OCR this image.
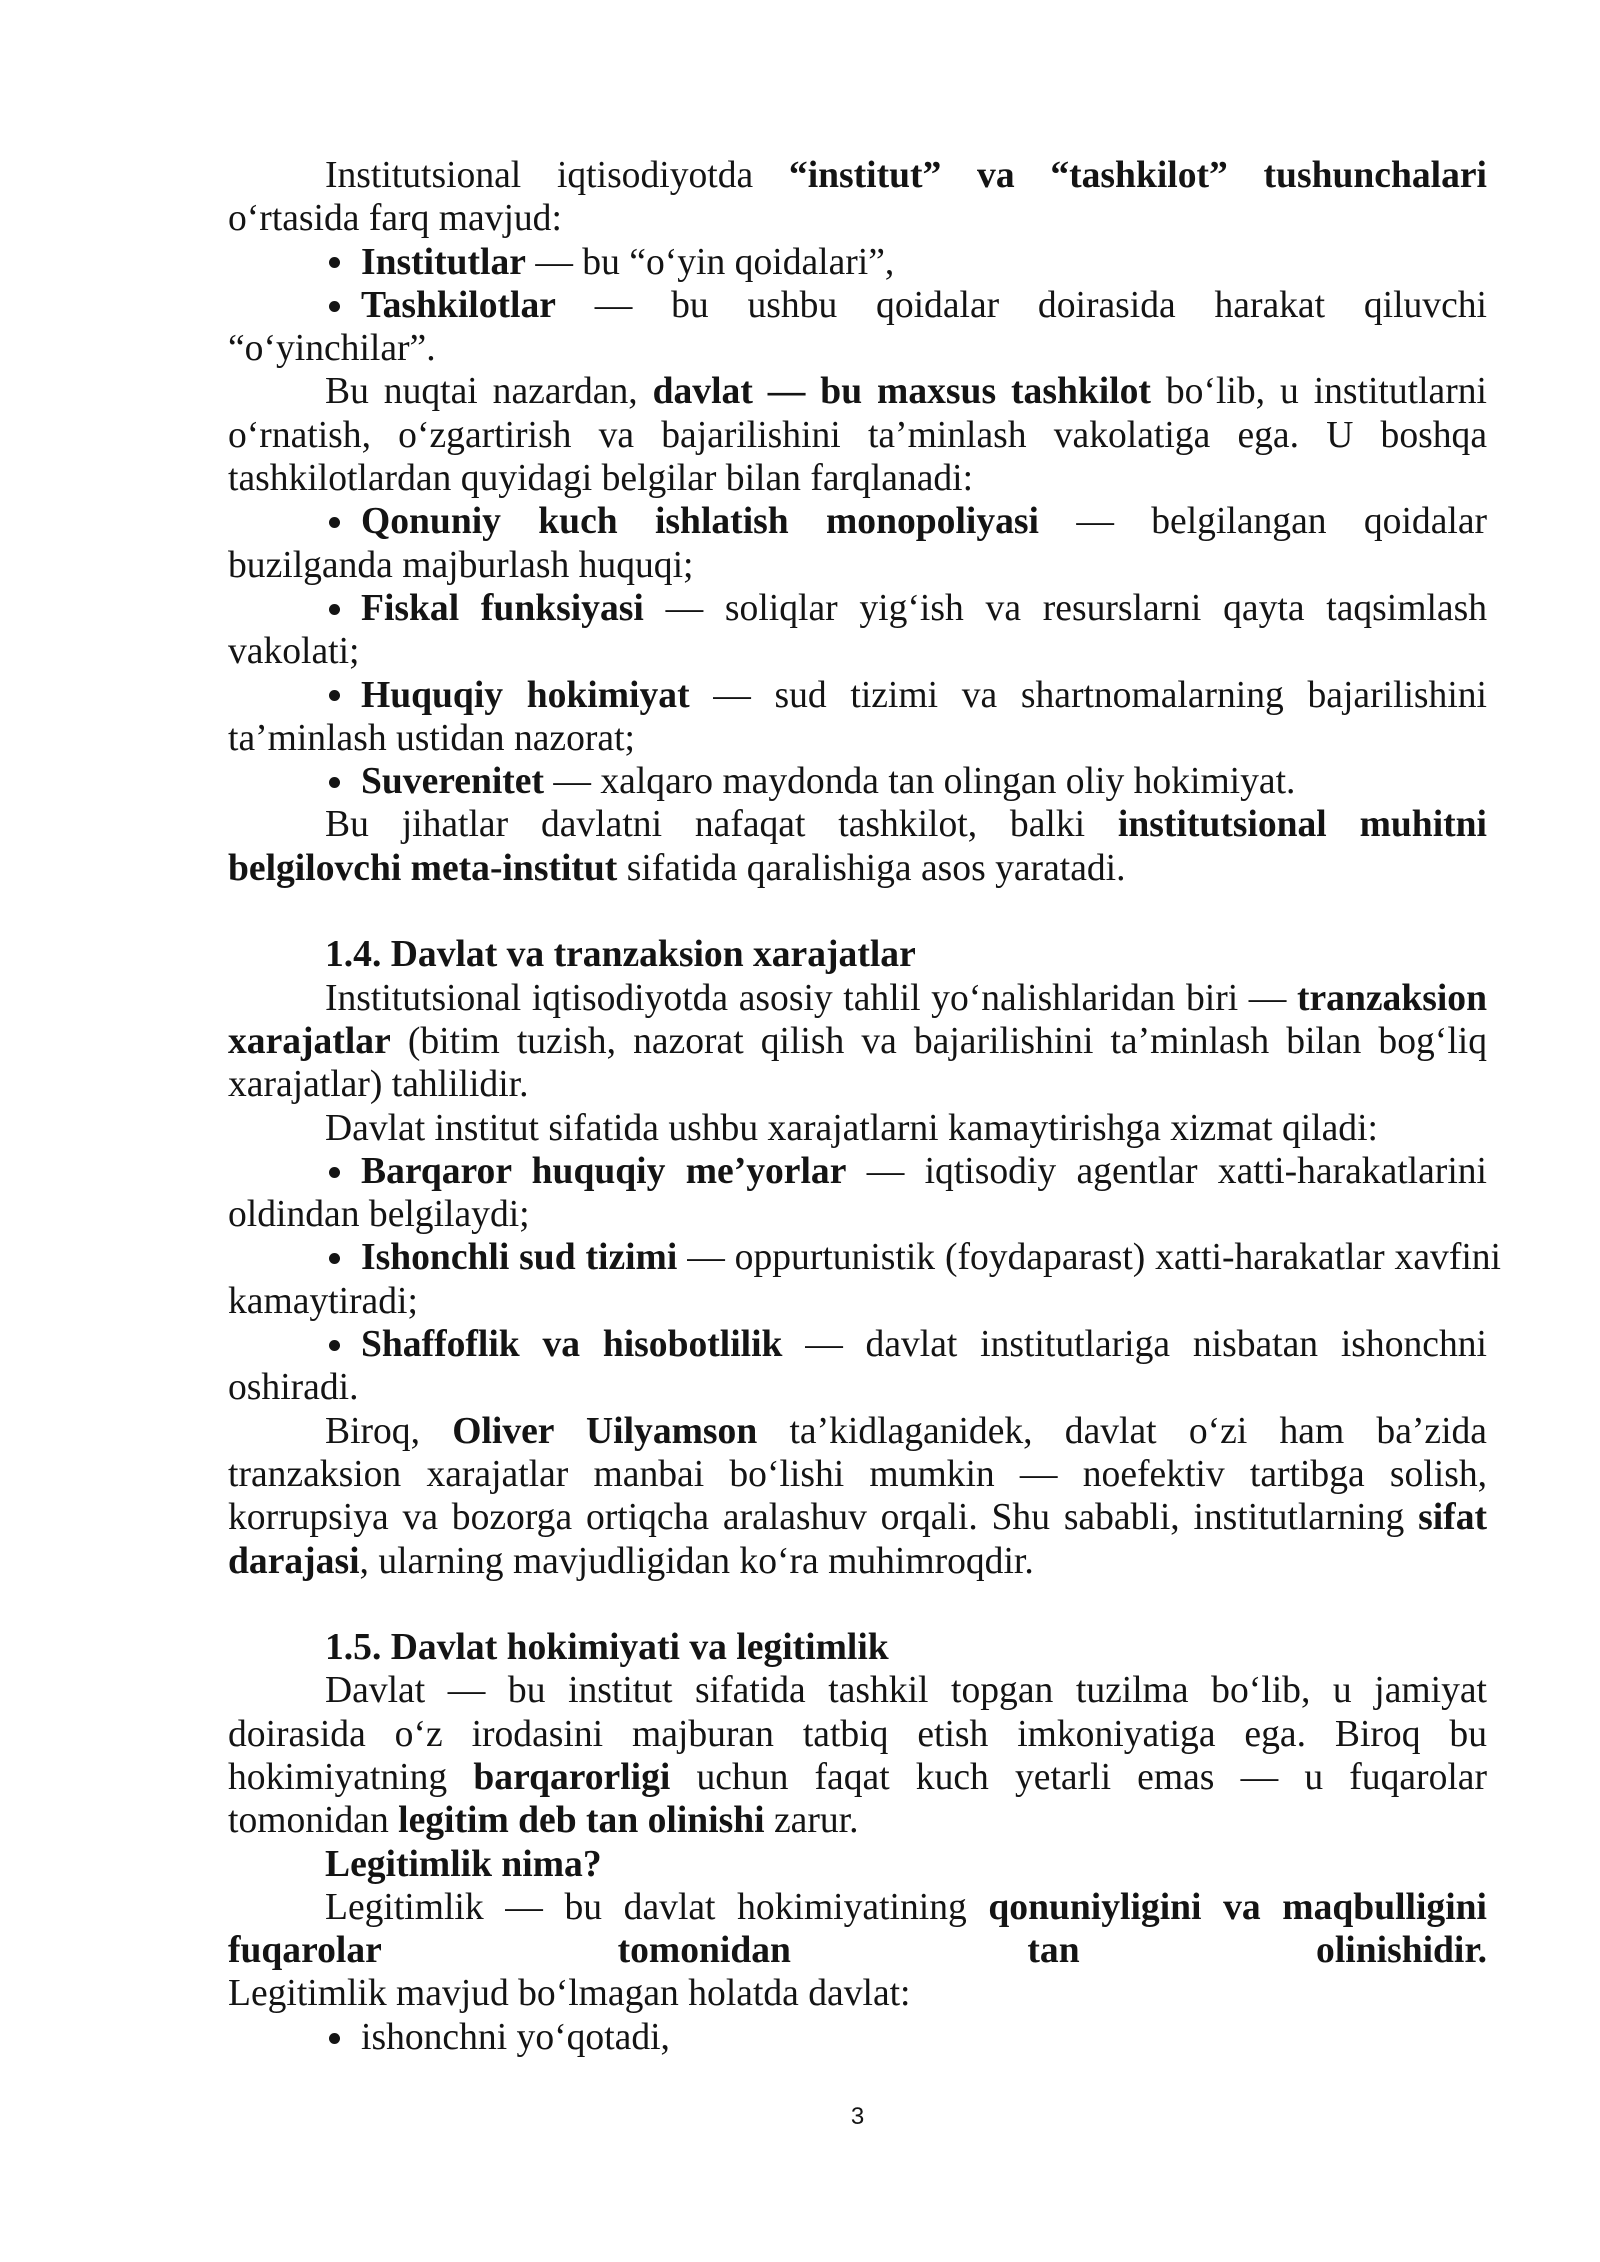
Institutsional iqtisodiyotda “institut” va “tashkilot” tushunchalari o‘rtasida farq mavjud:
Institutlar — bu “o‘yin qoidalari”,
Tashkilotlar — bu ushbu qoidalar doirasida harakat qiluvchi “o‘yinchilar”.
Bu nuqtai nazardan, davlat — bu maxsus tashkilot bo‘lib, u institutlarni o‘rnatish, o‘zgartirish va bajarilishini ta’minlash vakolatiga ega. U boshqa tashkilotlardan quyidagi belgilar bilan farqlanadi:
Qonuniy kuch ishlatish monopoliyasi — belgilangan qoidalar buzilganda majburlash huquqi;
Fiskal funksiyasi — soliqlar yig‘ish va resurslarni qayta taqsimlash vakolati;
Huquqiy hokimiyat — sud tizimi va shartnomalarning bajarilishini ta’minlash ustidan nazorat;
Suverenitet — xalqaro maydonda tan olingan oliy hokimiyat.
Bu jihatlar davlatni nafaqat tashkilot, balki institutsional muhitni belgilovchi meta-institut sifatida qaralishiga asos yaratadi.
1.4. Davlat va tranzaksion xarajatlar
Institutsional iqtisodiyotda asosiy tahlil yo‘nalishlaridan biri — tranzaksion xarajatlar (bitim tuzish, nazorat qilish va bajarilishini ta’minlash bilan bog‘liq xarajatlar) tahlilidir.
Davlat institut sifatida ushbu xarajatlarni kamaytirishga xizmat qiladi:
Barqaror huquqiy me’yorlar — iqtisodiy agentlar xatti-harakatlarini oldindan belgilaydi;
Ishonchli sud tizimi — oppurtunistik (foydaparast) xatti-harakatlar xavfini kamaytiradi;
Shaffoflik va hisobotlilik — davlat institutlariga nisbatan ishonchni oshiradi.
Biroq, Oliver Uilyamson ta’kidlaganidek, davlat o‘zi ham ba’zida tranzaksion xarajatlar manbai bo‘lishi mumkin — noefektiv tartibga solish, korrupsiya va bozorga ortiqcha aralashuv orqali. Shu sababli, institutlarning sifat darajasi, ularning mavjudligidan ko‘ra muhimroqdir.
1.5. Davlat hokimiyati va legitimlik
Davlat — bu institut sifatida tashkil topgan tuzilma bo‘lib, u jamiyat doirasida o‘z irodasini majburan tatbiq etish imkoniyatiga ega. Biroq bu hokimiyatning barqarorligi uchun faqat kuch yetarli emas — u fuqarolar tomonidan legitim deb tan olinishi zarur.
Legitimlik nima?
Legitimlik — bu davlat hokimiyatining qonuniyligini va maqbulligini fuqarolar tomonidan tan olinishidir.
Legitimlik mavjud bo‘lmagan holatda davlat:
ishonchni yo‘qotadi,
3
